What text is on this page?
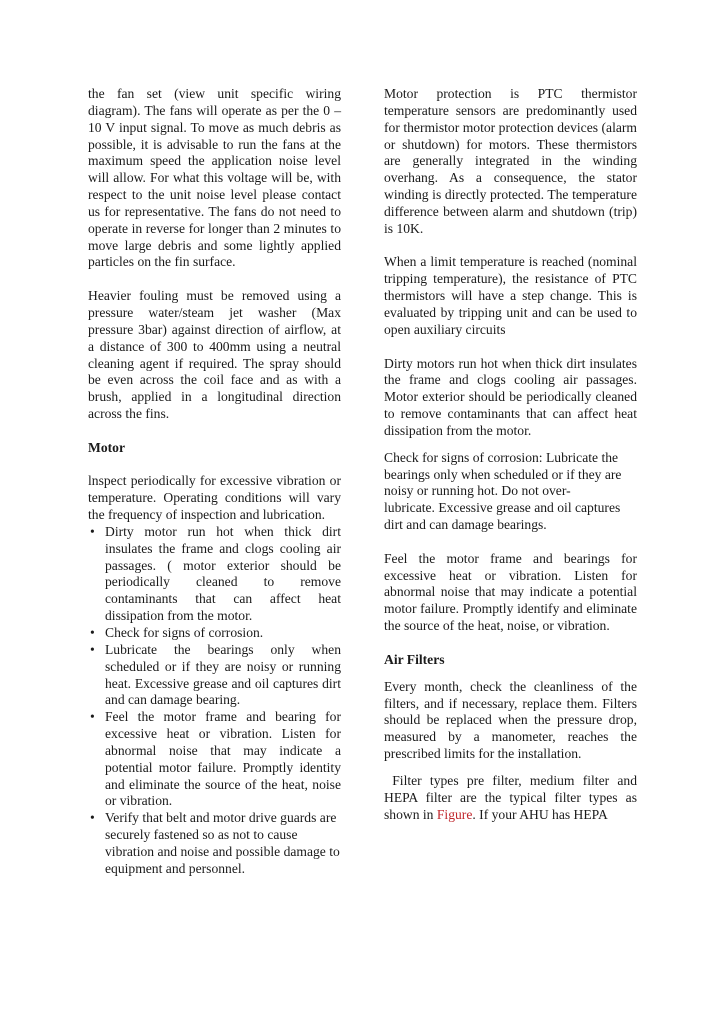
the fan set (view unit specific wiring diagram). The fans will operate as per the 0 – 10 V input signal. To move as much debris as possible, it is advisable to run the fans at the maximum speed the application noise level will allow. For what this voltage will be, with respect to the unit noise level please contact us for representative. The fans do not need to operate in reverse for longer than 2 minutes to move large debris and some lightly applied particles on the fin surface.

Heavier fouling must be removed using a pressure water/steam jet washer (Max pressure 3bar) against direction of airflow, at a distance of 300 to 400mm using a neutral cleaning agent if required. The spray should be even across the coil face and as with a brush, applied in a longitudinal direction across the fins.

Motor

lnspect periodically for excessive vibration or temperature. Operating conditions will vary the frequency of inspection and lubrication.

• Dirty motor run hot when thick dirt insulates the frame and clogs cooling air passages. ( motor exterior should be periodically cleaned to remove contaminants that can affect heat dissipation from the motor.
• Check for signs of corrosion.
• Lubricate the bearings only when scheduled or if they are noisy or running heat. Excessive grease and oil captures dirt and can damage bearing.
• Feel the motor frame and bearing for excessive heat or vibration. Listen for abnormal noise that may indicate a potential motor failure. Promptly identity and eliminate the source of the heat, noise or vibration.
• Verify that belt and motor drive guards are securely fastened so as not to cause vibration and noise and possible damage to equipment and personnel.

Motor protection is PTC thermistor temperature sensors are predominantly used for thermistor motor protection devices (alarm or shutdown) for motors. These thermistors are generally integrated in the winding overhang. As a consequence, the stator winding is directly protected. The temperature difference between alarm and shutdown (trip) is 10K.

When a limit temperature is reached (nominal tripping temperature), the resistance of PTC thermistors will have a step change. This is evaluated by tripping unit and can be used to open auxiliary circuits

Dirty motors run hot when thick dirt insulates the frame and clogs cooling air passages. Motor exterior should be periodically cleaned to remove contaminants that can affect heat dissipation from the motor.

Check for signs of corrosion: Lubricate the bearings only when scheduled or if they are noisy or running hot. Do not over-

lubricate. Excessive grease and oil captures dirt and can damage bearings.

Feel the motor frame and bearings for excessive heat or vibration. Listen for abnormal noise that may indicate a potential motor failure. Promptly identify and eliminate the source of the heat, noise, or vibration.

Air Filters

Every month, check the cleanliness of the filters, and if necessary, replace them. Filters should be replaced when the pressure drop, measured by a manometer, reaches the prescribed limits for the installation.

Filter types pre filter, medium filter and HEPA filter are the typical filter types as shown in Figure. If your AHU has HEPA
